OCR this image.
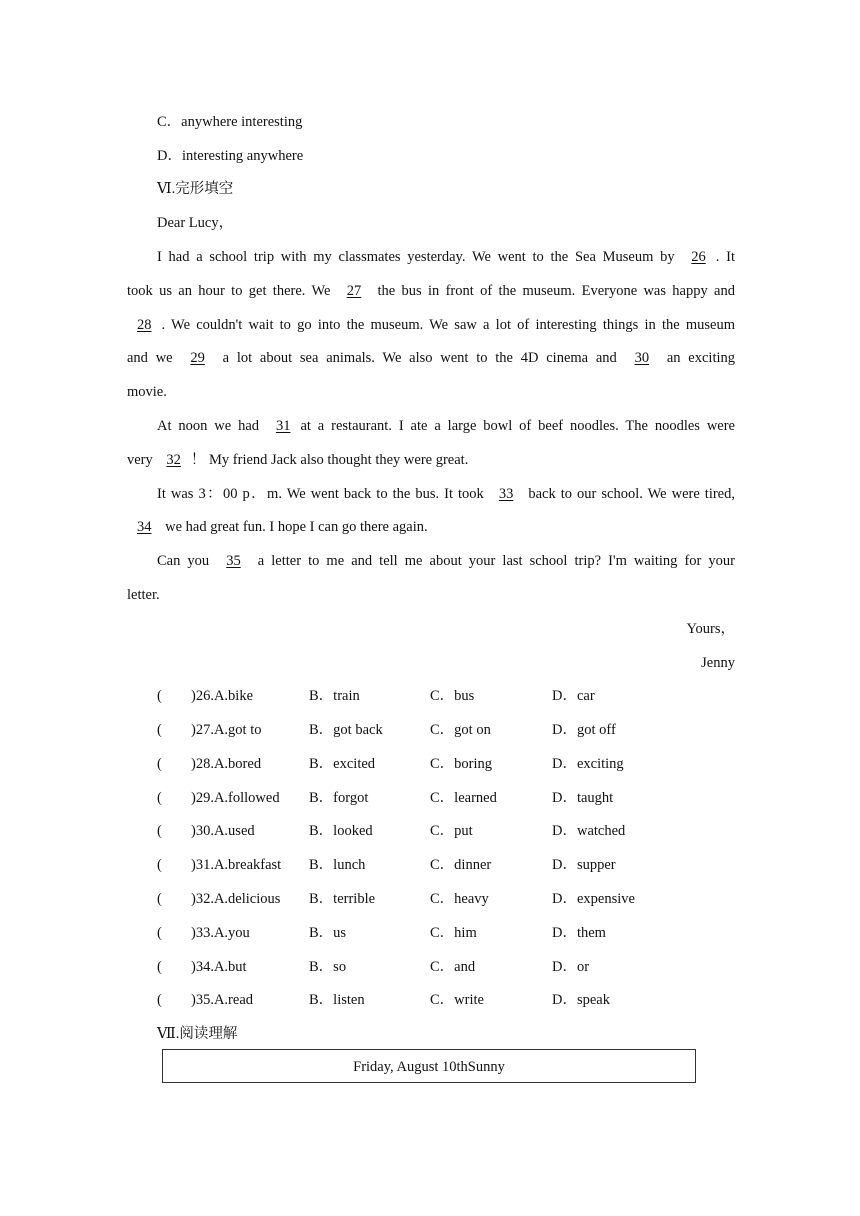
C．anywhere interesting
D．interesting anywhere
Ⅵ.完形填空
Dear Lucy，
I had a school trip with my classmates yesterday. We went to the Sea Museum by 26 . It
took us an hour to get there. We 27 the bus in front of the museum. Everyone was happy and
28 . We couldn't wait to go into the museum. We saw a lot of interesting things in the museum
and we 29 a lot about sea animals. We also went to the 4D cinema and 30 an exciting
movie.
At noon we had 31 at a restaurant. I ate a large bowl of beef noodles. The noodles were
very 32 ！ My friend Jack also thought they were great.
It was 3：00 p．m. We went back to the bus. It took 33 back to our school. We were tired,
34 we had great fun. I hope I can go there again.
Can you 35 a letter to me and tell me about your last school trip? I'm waiting for your
letter.
Yours，
Jenny
( )26.A.bike	B．train	C．bus	D．car
( )27.A.got to	B．got back	C．got on	D．got off
( )28.A.bored	B．excited	C．boring	D．exciting
( )29.A.followed B．forgot	C．learned	D．taught
( )30.A.used	B．looked	C．put	D．watched
( )31.A.breakfast B．lunch	C．dinner	D．supper
( )32.A.delicious B．terrible	C．heavy	D．expensive
( )33.A.you	B．us	C．him	D．them
( )34.A.but	B．so	C．and	D．or
( )35.A.read	B．listen	C．write	D．speak
Ⅶ.阅读理解
Friday, August 10thSunny
